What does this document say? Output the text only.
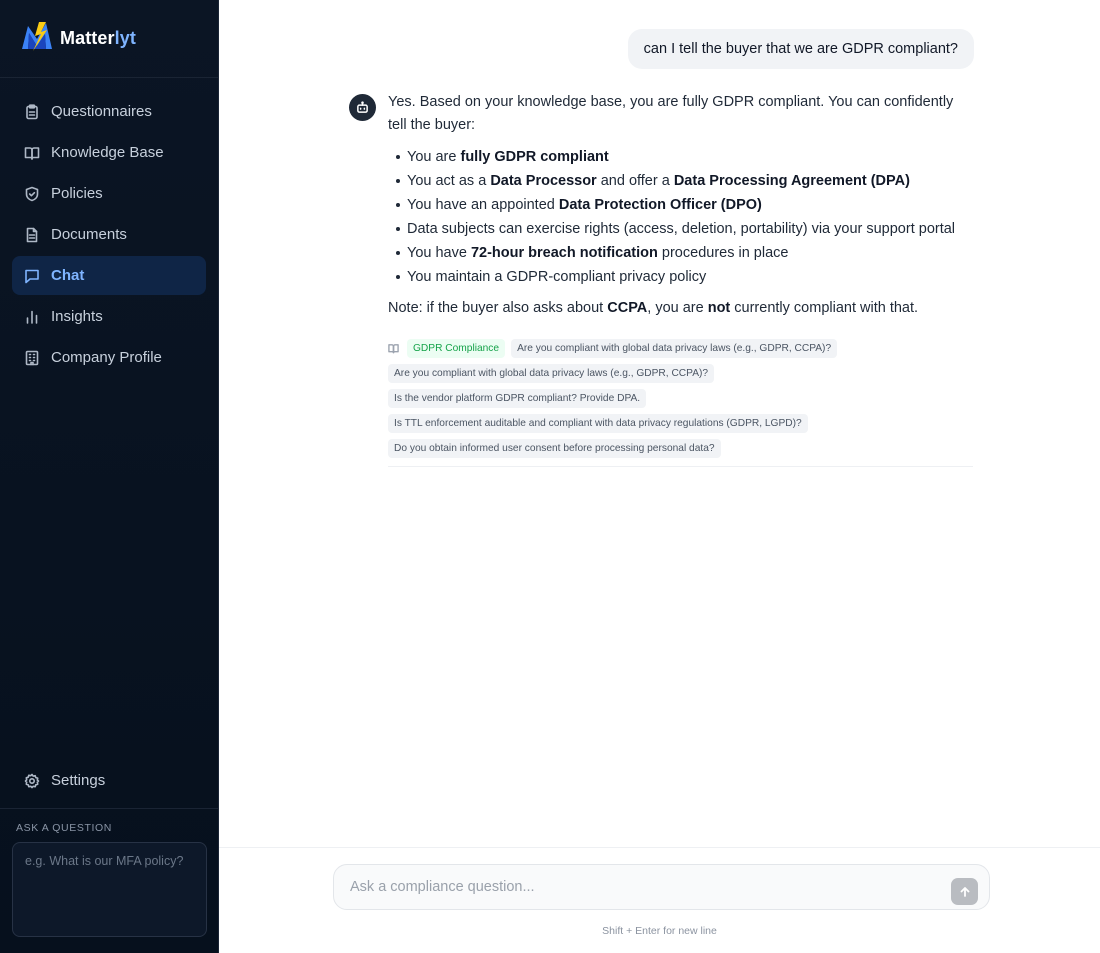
Matterlyt
Questionnaires
Knowledge Base
Policies
Documents
Chat
Insights
Company Profile
Settings
ASK A QUESTION
e.g. What is our MFA policy?
can I tell the buyer that we are GDPR compliant?

Yes. Based on your knowledge base, you are fully GDPR compliant. You can confidently tell the buyer:

You are fully GDPR compliant
You act as a Data Processor and offer a Data Processing Agreement (DPA)
You have an appointed Data Protection Officer (DPO)
Data subjects can exercise rights (access, deletion, portability) via your support portal
You have 72-hour breach notification procedures in place
You maintain a GDPR-compliant privacy policy

Note: if the buyer also asks about CCPA, you are not currently compliant with that.

GDPR Compliance	Are you compliant with global data privacy laws (e.g., GDPR, CCPA)?
Are you compliant with global data privacy laws (e.g., GDPR, CCPA)?
Is the vendor platform GDPR compliant? Provide DPA.
Is TTL enforcement auditable and compliant with data privacy regulations (GDPR, LGPD)?
Do you obtain informed user consent before processing personal data?
Ask a compliance question...
Shift + Enter for new line
